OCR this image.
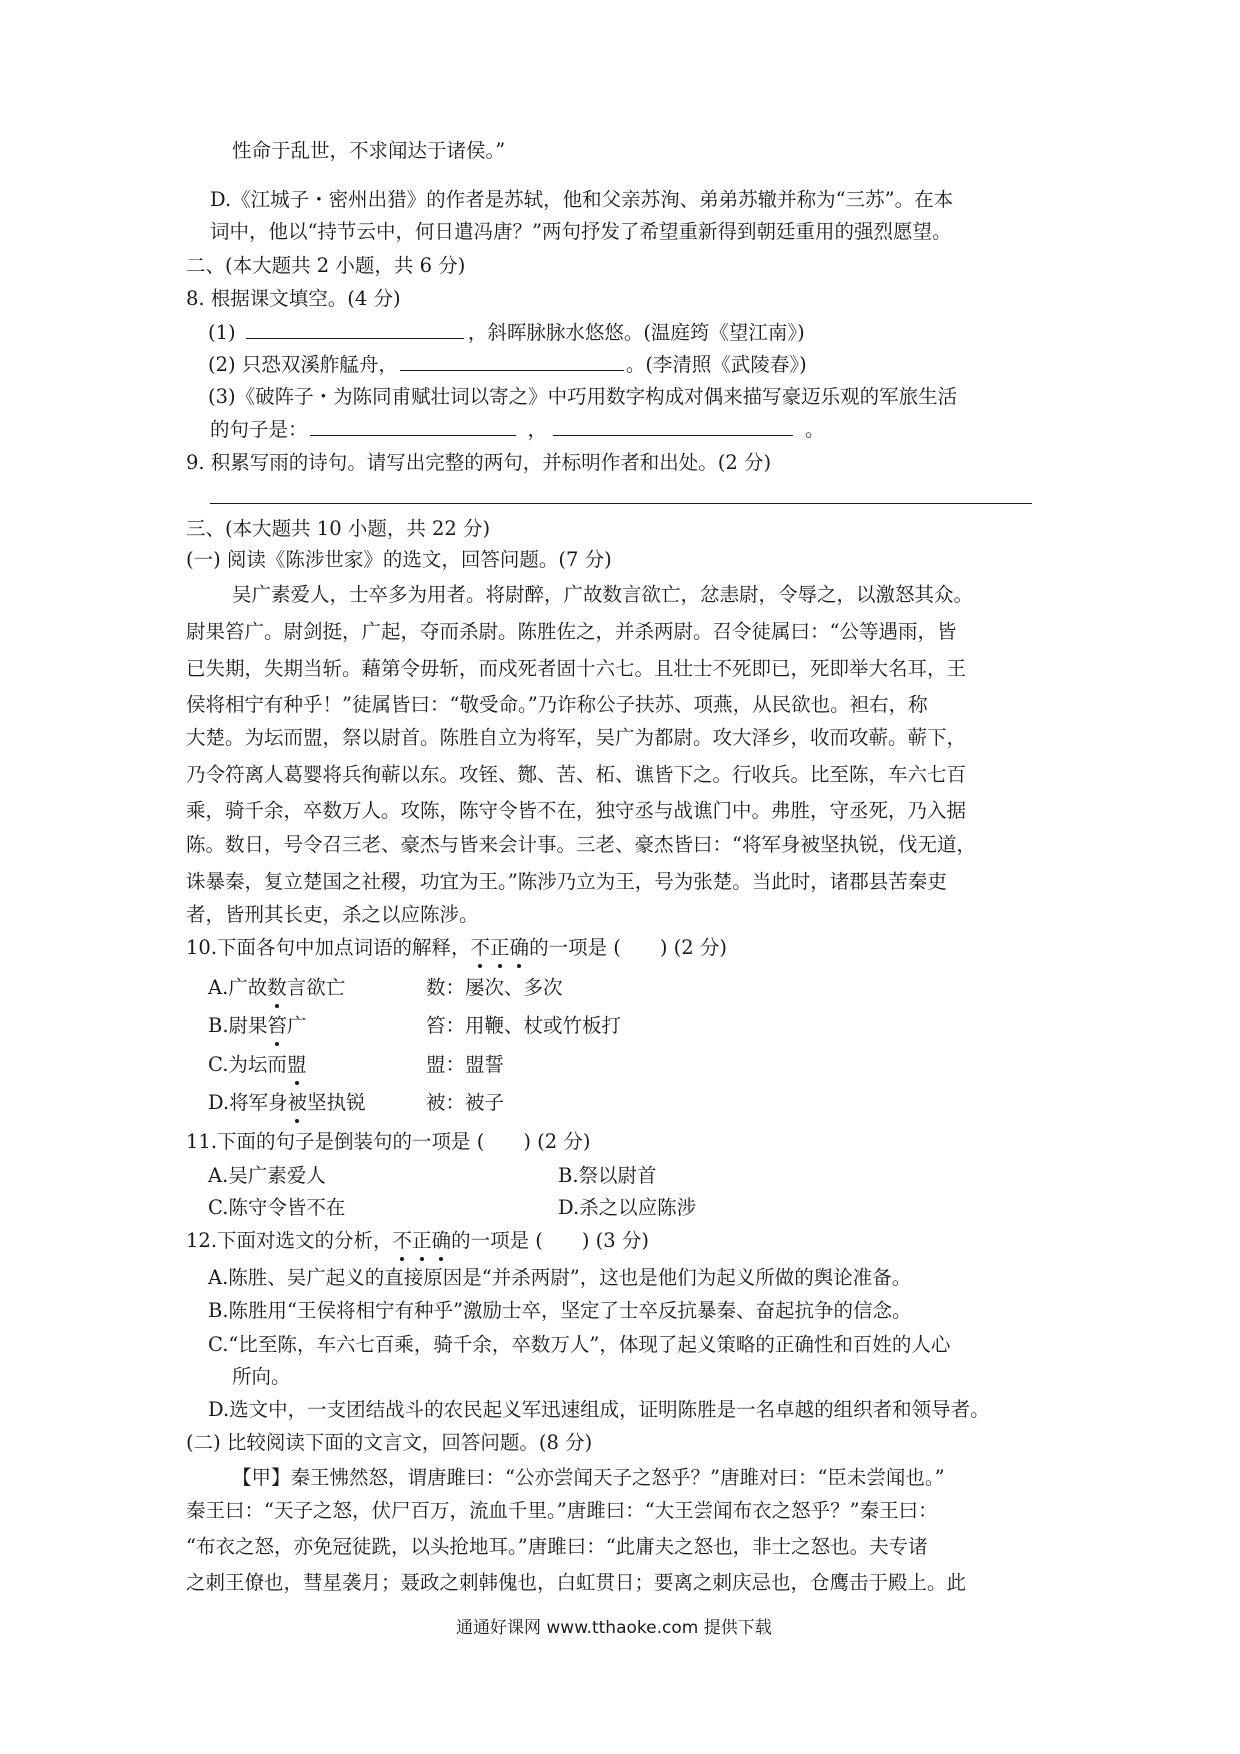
性命于乱世，不求闻达于诸侯。”
D.《江城子・密州出猎》的作者是苏轼，他和父亲苏洵、弟弟苏辙并称为“三苏”。在本
词中，他以“持节云中，何日遣冯唐？”两句抒发了希望重新得到朝廷重用的强烈愿望。
二、(本大题共 2 小题，共 6 分)
8. 根据课文填空。(4 分)
(1)	，斜晖脉脉水悠悠。(温庭筠《望江南》)
(2) 只恐双溪舴艋舟，	。(李清照《武陵春》)
(3)《破阵子・为陈同甫赋壮词以寄之》中巧用数字构成对偶来描写豪迈乐观的军旅生活
的句子是：	，	。
9. 积累写雨的诗句。请写出完整的两句，并标明作者和出处。(2 分)
三、(本大题共 10 小题，共 22 分)
(一) 阅读《陈涉世家》的选文，回答问题。(7 分)
吴广素爱人，士卒多为用者。将尉醉，广故数言欲亡，忿恚尉，令辱之，以激怒其众。
尉果笞广。尉剑挺，广起，夺而杀尉。陈胜佐之，并杀两尉。召令徒属曰：“公等遇雨，皆
已失期，失期当斩。藉第令毋斩，而戍死者固十六七。且壮士不死即已，死即举大名耳，王
侯将相宁有种乎！”徒属皆曰：“敬受命。”乃诈称公子扶苏、项燕，从民欲也。袒右，称
大楚。为坛而盟，祭以尉首。陈胜自立为将军，吴广为都尉。攻大泽乡，收而攻蕲。蕲下，
乃令符离人葛婴将兵徇蕲以东。攻铚、酂、苦、柘、谯皆下之。行收兵。比至陈，车六七百
乘，骑千余，卒数万人。攻陈，陈守令皆不在，独守丞与战谯门中。弗胜，守丞死，乃入据
陈。数日，号令召三老、豪杰与皆来会计事。三老、豪杰皆曰：“将军身被坚执锐，伐无道，
诛暴秦，复立楚国之社稷，功宜为王。”陈涉乃立为王，号为张楚。当此时，诸郡县苦秦吏
者，皆刑其长吏，杀之以应陈涉。
10.下面各句中加点词语的解释，不正确的一项是 (　　) (2 分)
A.广故数言欲亡	数：屡次、多次
B.尉果笞广	笞：用鞭、杖或竹板打
C.为坛而盟	盟：盟誓
D.将军身被坚执锐	被：被子
11.下面的句子是倒装句的一项是 (　　) (2 分)
A.吴广素爱人	B.祭以尉首
C.陈守令皆不在	D.杀之以应陈涉
12.下面对选文的分析，不正确的一项是 (　　) (3 分)
A.陈胜、吴广起义的直接原因是“并杀两尉”，这也是他们为起义所做的舆论准备。
B.陈胜用“王侯将相宁有种乎”激励士卒，坚定了士卒反抗暴秦、奋起抗争的信念。
C.“比至陈，车六七百乘，骑千余，卒数万人”，体现了起义策略的正确性和百姓的人心
所向。
D.选文中，一支团结战斗的农民起义军迅速组成，证明陈胜是一名卓越的组织者和领导者。
(二) 比较阅读下面的文言文，回答问题。(8 分)
【甲】秦王怫然怒，谓唐雎曰：“公亦尝闻天子之怒乎？”唐雎对曰：“臣未尝闻也。”
秦王曰：“天子之怒，伏尸百万，流血千里。”唐雎曰：“大王尝闻布衣之怒乎？”秦王曰：
“布衣之怒，亦免冠徒跣，以头抢地耳。”唐雎曰：“此庸夫之怒也，非士之怒也。夫专诸
之刺王僚也，彗星袭月；聂政之刺韩傀也，白虹贯日；要离之刺庆忌也，仓鹰击于殿上。此
通通好课网 www.tthaoke.com 提供下载
